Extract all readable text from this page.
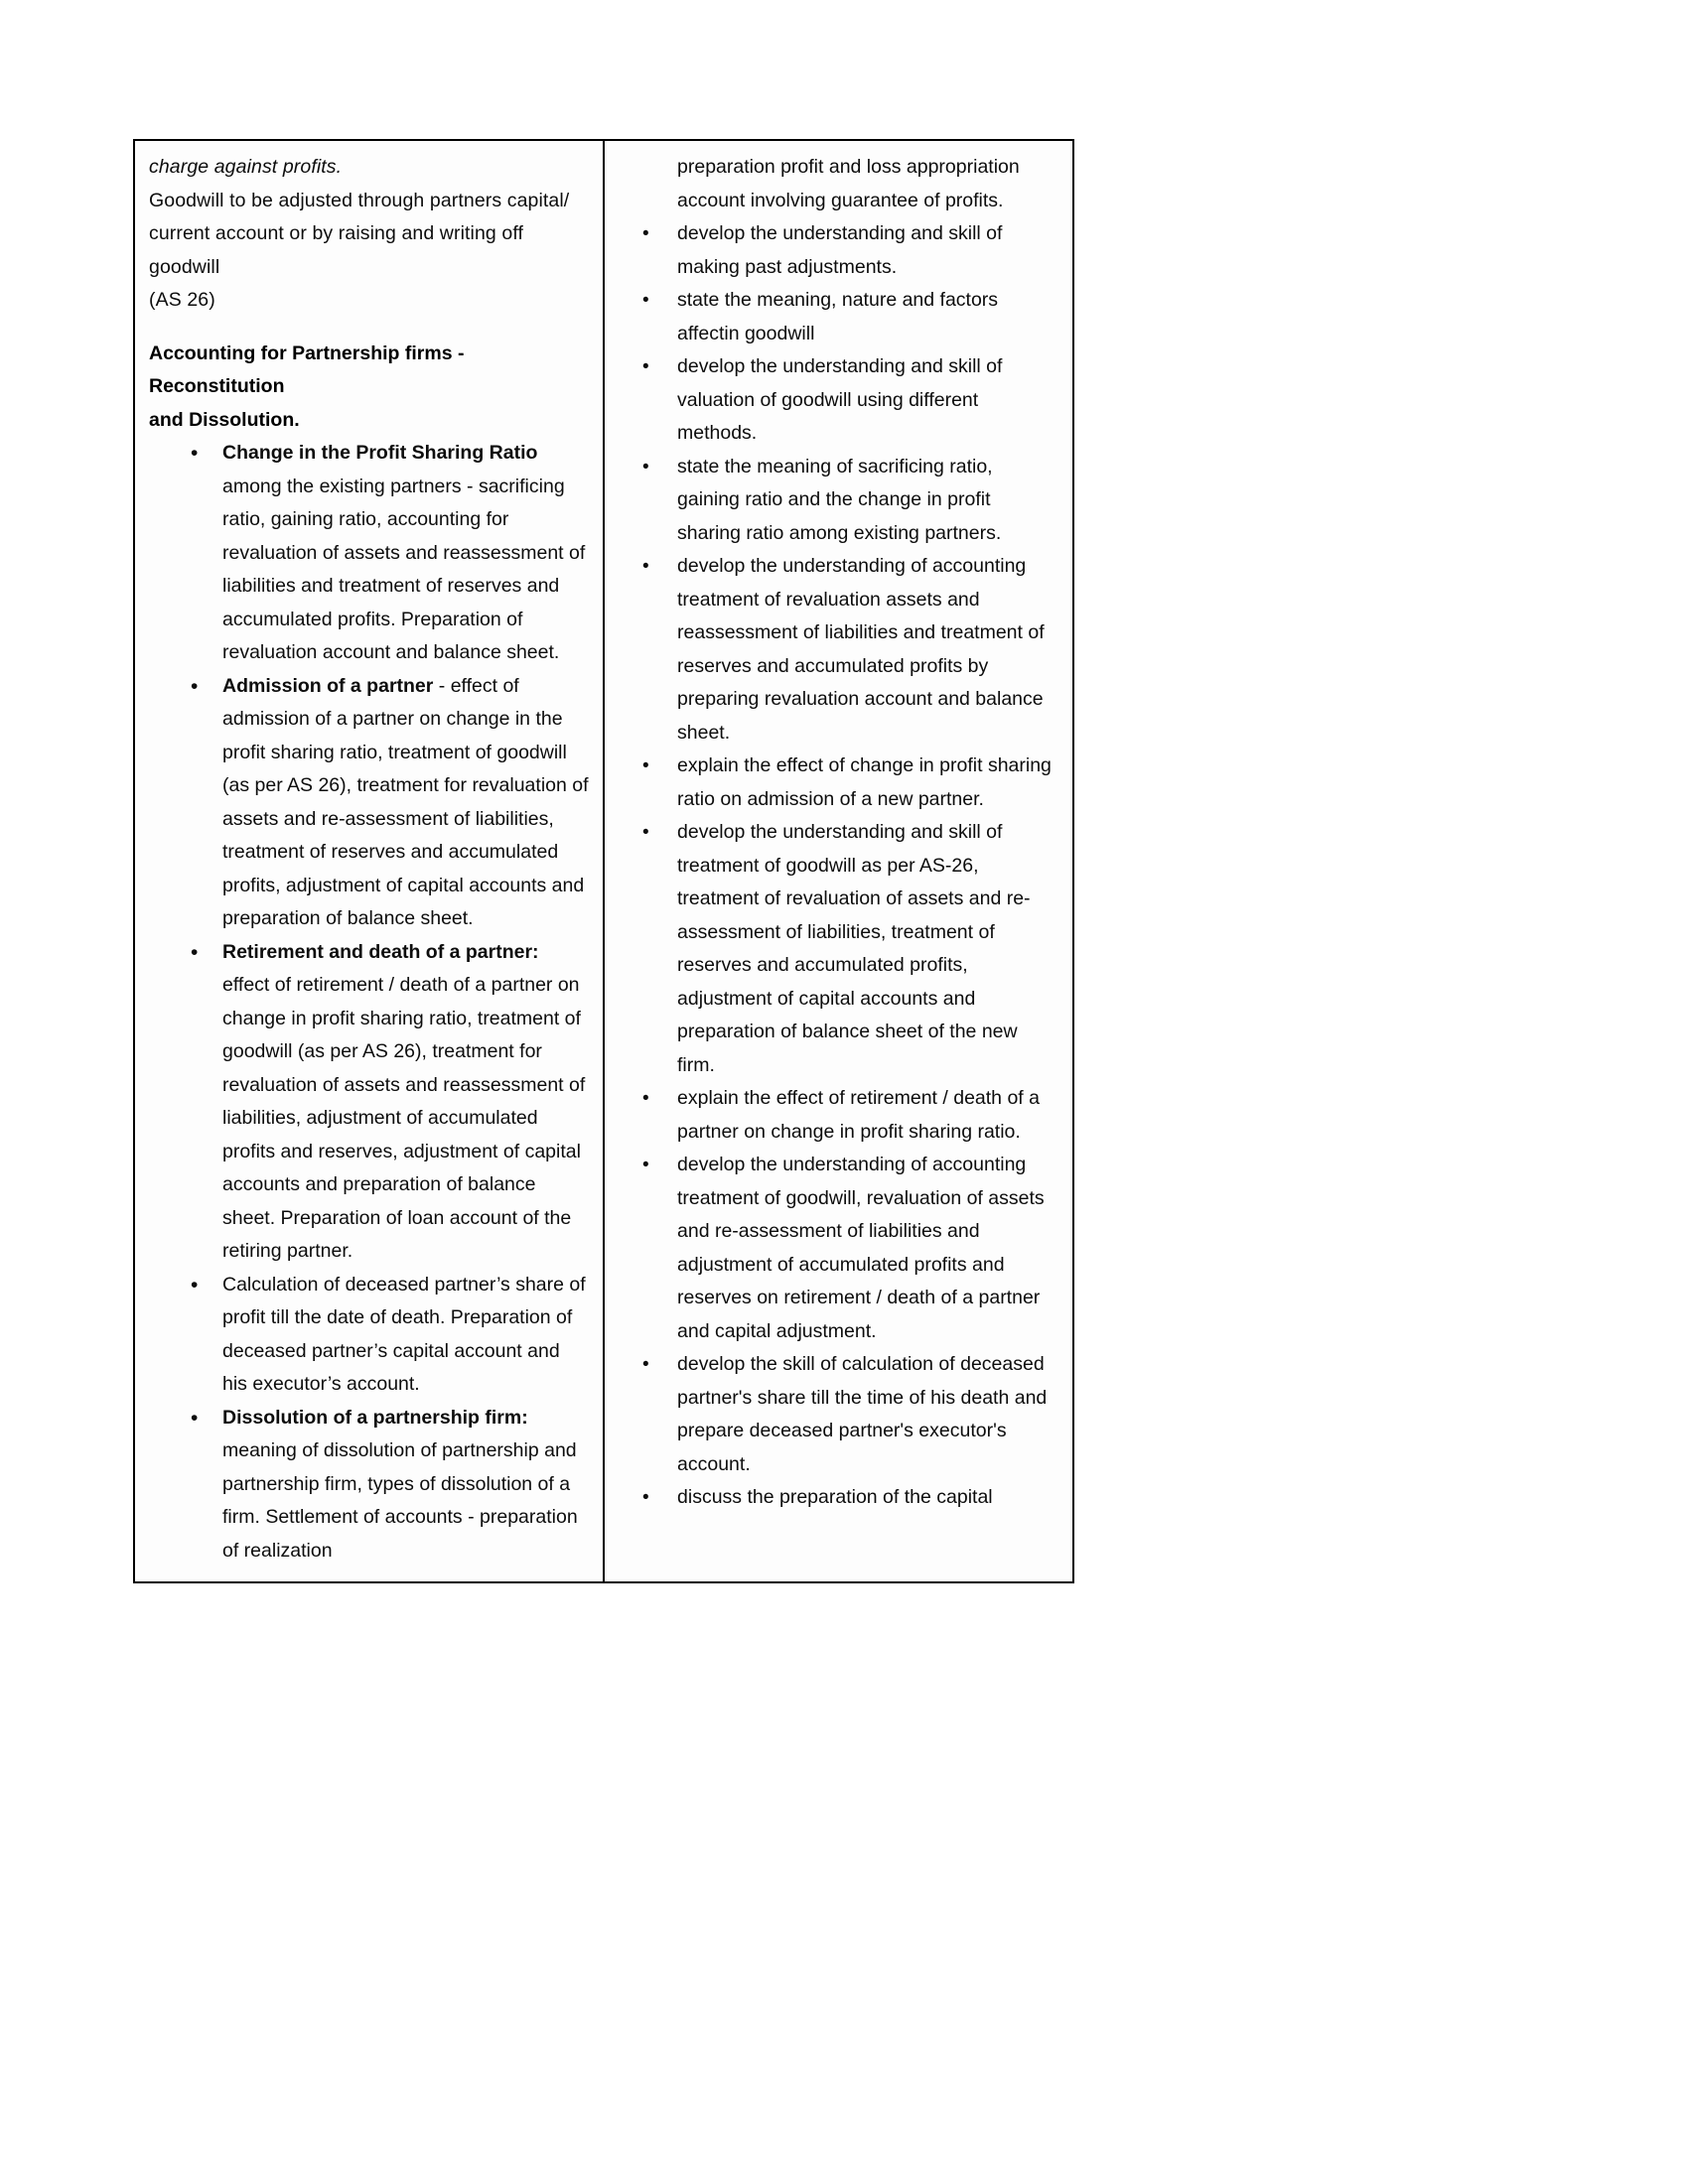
charge against profits.

Goodwill to be adjusted through partners capital/

current account or by raising and writing off goodwill

(AS 26)

Accounting for Partnership firms - Reconstitution

and Dissolution.

• Change in the Profit Sharing Ratio among the existing partners - sacrificing ratio, gaining ratio, accounting for revaluation of assets and reassessment of liabilities and treatment of reserves and accumulated profits. Preparation of revaluation account and balance sheet.
• Admission of a partner - effect of admission of a partner on change in the profit sharing ratio, treatment of goodwill (as per AS 26), treatment for revaluation of assets and re-assessment of liabilities, treatment of reserves and accumulated profits, adjustment of capital accounts and preparation of balance sheet.
• Retirement and death of a partner: effect of retirement / death of a partner on change in profit sharing ratio, treatment of goodwill (as per AS 26), treatment for revaluation of assets and reassessment of liabilities, adjustment of accumulated profits and reserves, adjustment of capital accounts and preparation of balance sheet. Preparation of loan account of the retiring partner.
• Calculation of deceased partner’s share of profit till the date of death. Preparation of deceased partner’s capital account and his executor’s account.
• Dissolution of a partnership firm: meaning of dissolution of partnership and partnership firm, types of dissolution of a firm. Settlement of accounts - preparation of realization

preparation profit and loss appropriation

account involving guarantee of profits.

• develop the understanding and skill of making past adjustments.
• state the meaning, nature and factors affectin goodwill
• develop the understanding and skill of valuation of goodwill using different methods.
• state the meaning of sacrificing ratio, gaining ratio and the change in profit sharing ratio among existing partners.
• develop the understanding of accounting treatment of revaluation assets and reassessment of liabilities and treatment of reserves and accumulated profits by preparing revaluation account and balance sheet.
• explain the effect of change in profit sharing ratio on admission of a new partner.
• develop the understanding and skill of treatment of goodwill as per AS-26, treatment of revaluation of assets and re-assessment of liabilities, treatment of reserves and accumulated profits, adjustment of capital accounts and preparation of balance sheet of the new firm.
• explain the effect of retirement / death of a partner on change in profit sharing ratio.
• develop the understanding of accounting treatment of goodwill, revaluation of assets and re-assessment of liabilities and adjustment of accumulated profits and reserves on retirement / death of a partner and capital adjustment.
• develop the skill of calculation of deceased partner's share till the time of his death and prepare deceased partner's executor's account.
• discuss the preparation of the capital
